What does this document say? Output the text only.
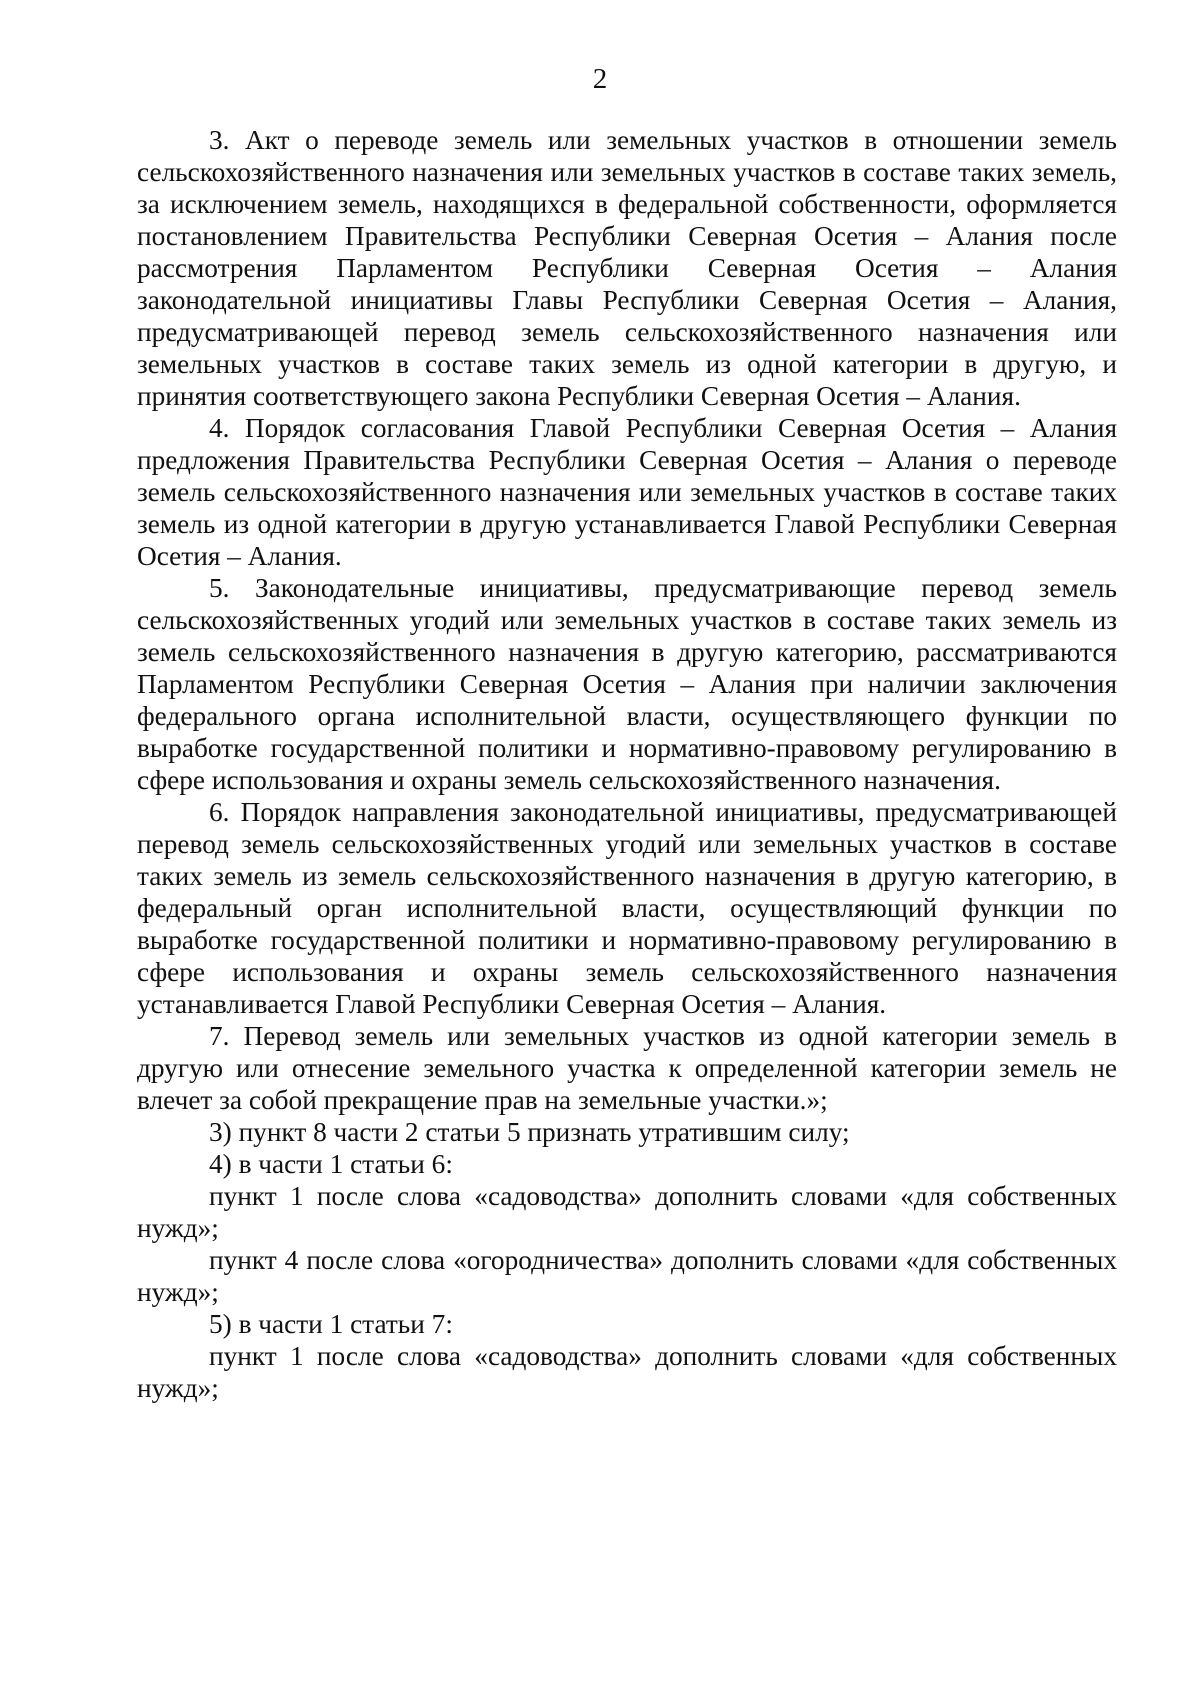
2

3. Акт о переводе земель или земельных участков в отношении земель сельскохозяйственного назначения или земельных участков в составе таких земель, за исключением земель, находящихся в федеральной собственности, оформляется постановлением Правительства Республики Северная Осетия – Алания после рассмотрения Парламентом Республики Северная Осетия – Алания законодательной инициативы Главы Республики Северная Осетия – Алания, предусматривающей перевод земель сельскохозяйственного назначения или земельных участков в составе таких земель из одной категории в другую, и принятия соответствующего закона Республики Северная Осетия – Алания.

4. Порядок согласования Главой Республики Северная Осетия – Алания предложения Правительства Республики Северная Осетия – Алания о переводе земель сельскохозяйственного назначения или земельных участков в составе таких земель из одной категории в другую устанавливается Главой Республики Северная Осетия – Алания.

5. Законодательные инициативы, предусматривающие перевод земель сельскохозяйственных угодий или земельных участков в составе таких земель из земель сельскохозяйственного назначения в другую категорию, рассматриваются Парламентом Республики Северная Осетия – Алания при наличии заключения федерального органа исполнительной власти, осуществляющего функции по выработке государственной политики и нормативно-правовому регулированию в сфере использования и охраны земель сельскохозяйственного назначения.

6. Порядок направления законодательной инициативы, предусматривающей перевод земель сельскохозяйственных угодий или земельных участков в составе таких земель из земель сельскохозяйственного назначения в другую категорию, в федеральный орган исполнительной власти, осуществляющий функции по выработке государственной политики и нормативно-правовому регулированию в сфере использования и охраны земель сельскохозяйственного назначения устанавливается Главой Республики Северная Осетия – Алания.

7. Перевод земель или земельных участков из одной категории земель в другую или отнесение земельного участка к определенной категории земель не влечет за собой прекращение прав на земельные участки.»;

3) пункт 8 части 2 статьи 5 признать утратившим силу;

4) в части 1 статьи 6:

пункт 1 после слова «садоводства» дополнить словами «для собственных нужд»;

пункт 4 после слова «огородничества» дополнить словами «для собственных нужд»;

5) в части 1 статьи 7:

пункт 1 после слова «садоводства» дополнить словами «для собственных нужд»;
